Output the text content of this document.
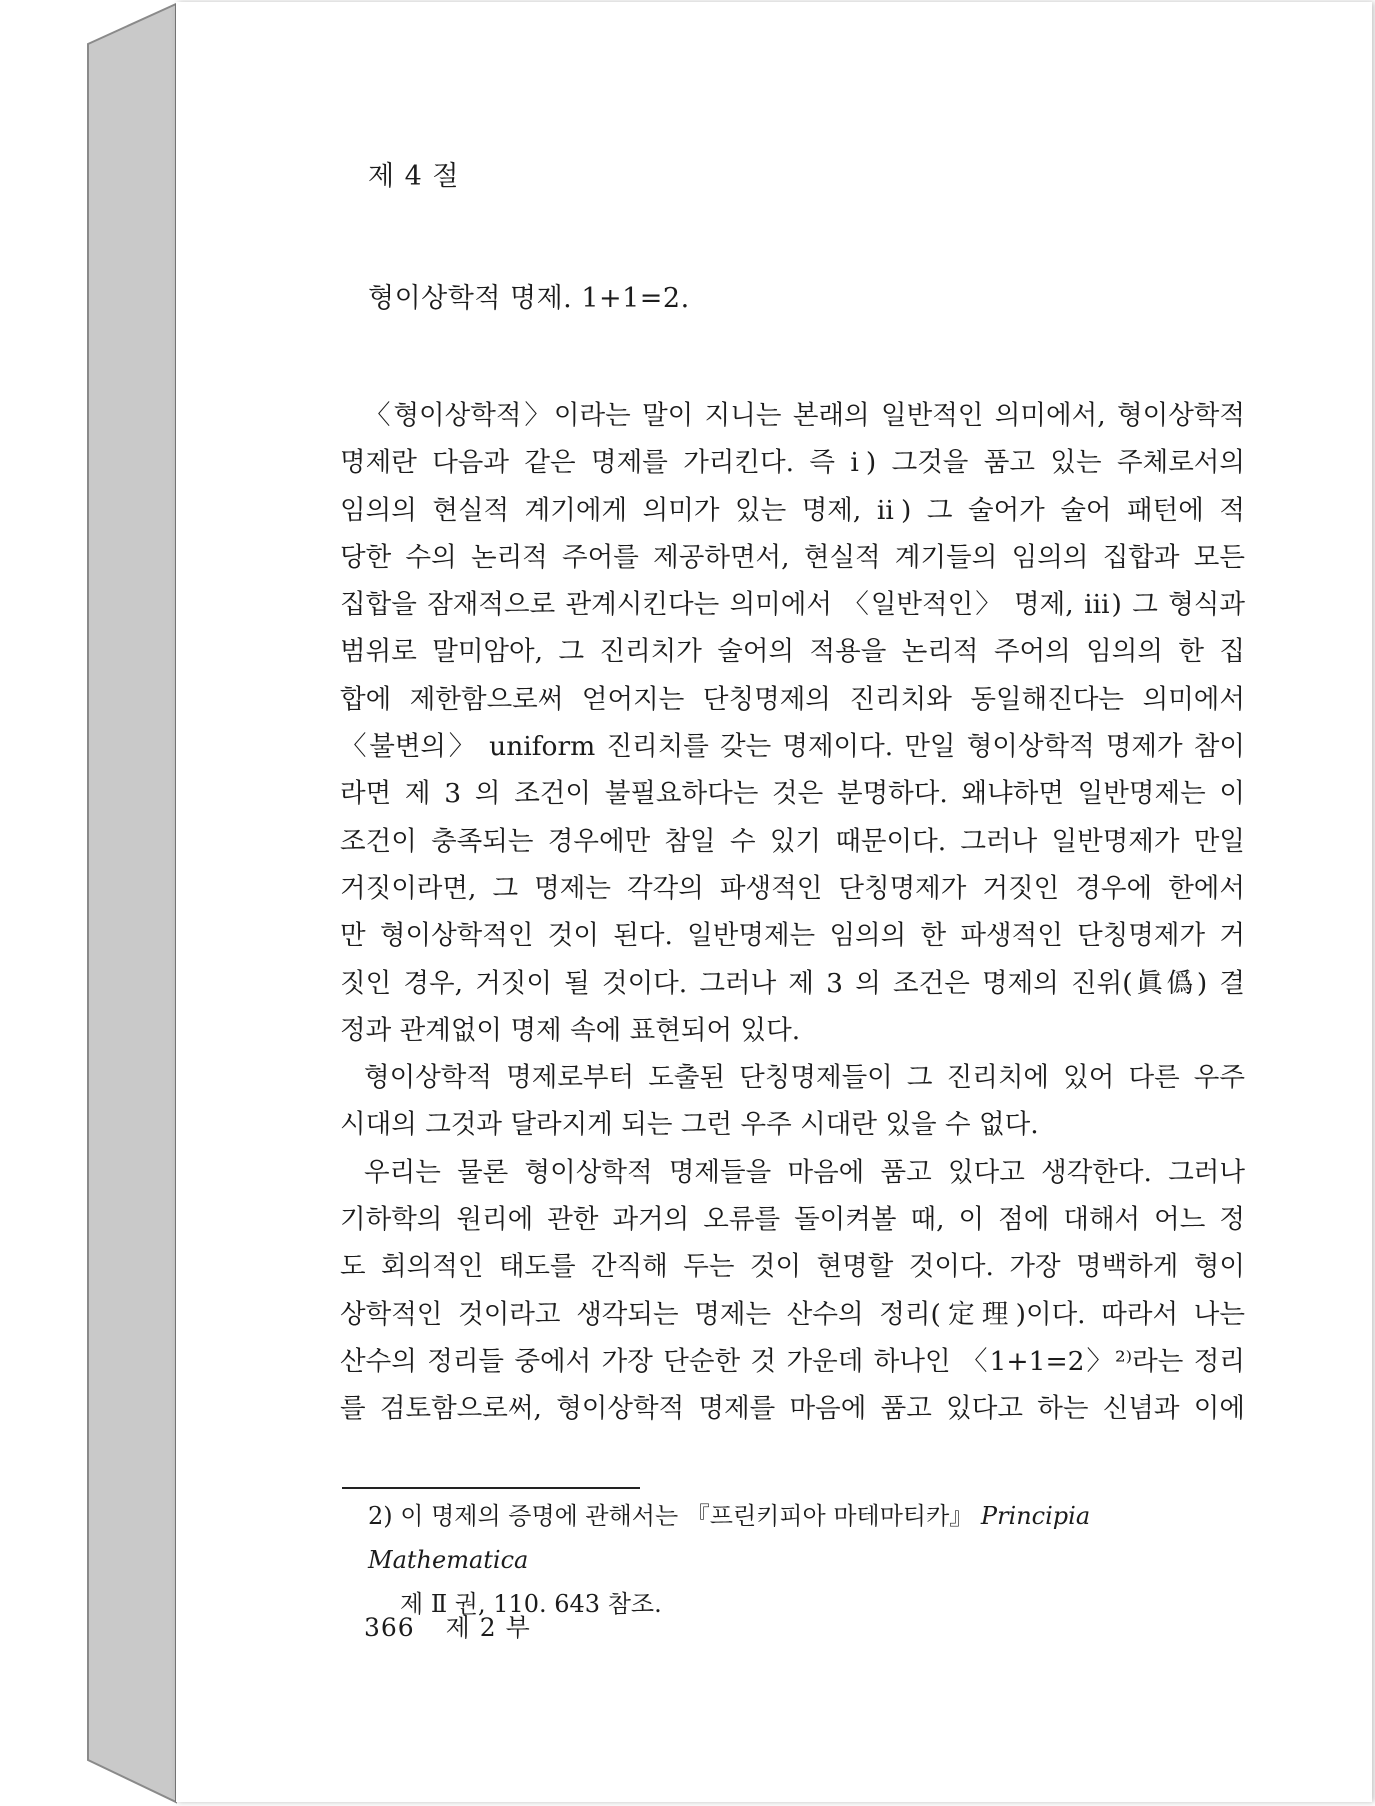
제 4 절
형이상학적 명제. 1+1=2.
〈형이상학적〉이라는 말이 지니는 본래의 일반적인 의미에서, 형이상학적
명제란 다음과 같은 명제를 가리킨다. 즉 ⅰ) 그것을 품고 있는 주체로서의
임의의 현실적 계기에게 의미가 있는 명제, ⅱ) 그 술어가 술어 패턴에 적
당한 수의 논리적 주어를 제공하면서, 현실적 계기들의 임의의 집합과 모든
집합을 잠재적으로 관계시킨다는 의미에서 〈일반적인〉 명제, ⅲ) 그 형식과
범위로 말미암아, 그 진리치가 술어의 적용을 논리적 주어의 임의의 한 집
합에 제한함으로써 얻어지는 단칭명제의 진리치와 동일해진다는 의미에서
〈불변의〉 uniform 진리치를 갖는 명제이다. 만일 형이상학적 명제가 참이
라면 제 3 의 조건이 불필요하다는 것은 분명하다. 왜냐하면 일반명제는 이
조건이 충족되는 경우에만 참일 수 있기 때문이다. 그러나 일반명제가 만일
거짓이라면, 그 명제는 각각의 파생적인 단칭명제가 거짓인 경우에 한에서
만 형이상학적인 것이 된다. 일반명제는 임의의 한 파생적인 단칭명제가 거
짓인 경우, 거짓이 될 것이다. 그러나 제 3 의 조건은 명제의 진위(眞僞) 결
정과 관계없이 명제 속에 표현되어 있다.
형이상학적 명제로부터 도출된 단칭명제들이 그 진리치에 있어 다른 우주
시대의 그것과 달라지게 되는 그런 우주 시대란 있을 수 없다.
우리는 물론 형이상학적 명제들을 마음에 품고 있다고 생각한다. 그러나
기하학의 원리에 관한 과거의 오류를 돌이켜볼 때, 이 점에 대해서 어느 정
도 회의적인 태도를 간직해 두는 것이 현명할 것이다. 가장 명백하게 형이
상학적인 것이라고 생각되는 명제는 산수의 정리(定理)이다. 따라서 나는
산수의 정리들 중에서 가장 단순한 것 가운데 하나인 〈1+1=2〉²⁾라는 정리
를 검토함으로써, 형이상학적 명제를 마음에 품고 있다고 하는 신념과 이에
2) 이 명제의 증명에 관해서는 『프린키피아 마테마티카』 Principia Mathematica
제 Ⅱ 권, 110. 643 참조.
366 제 2 부
